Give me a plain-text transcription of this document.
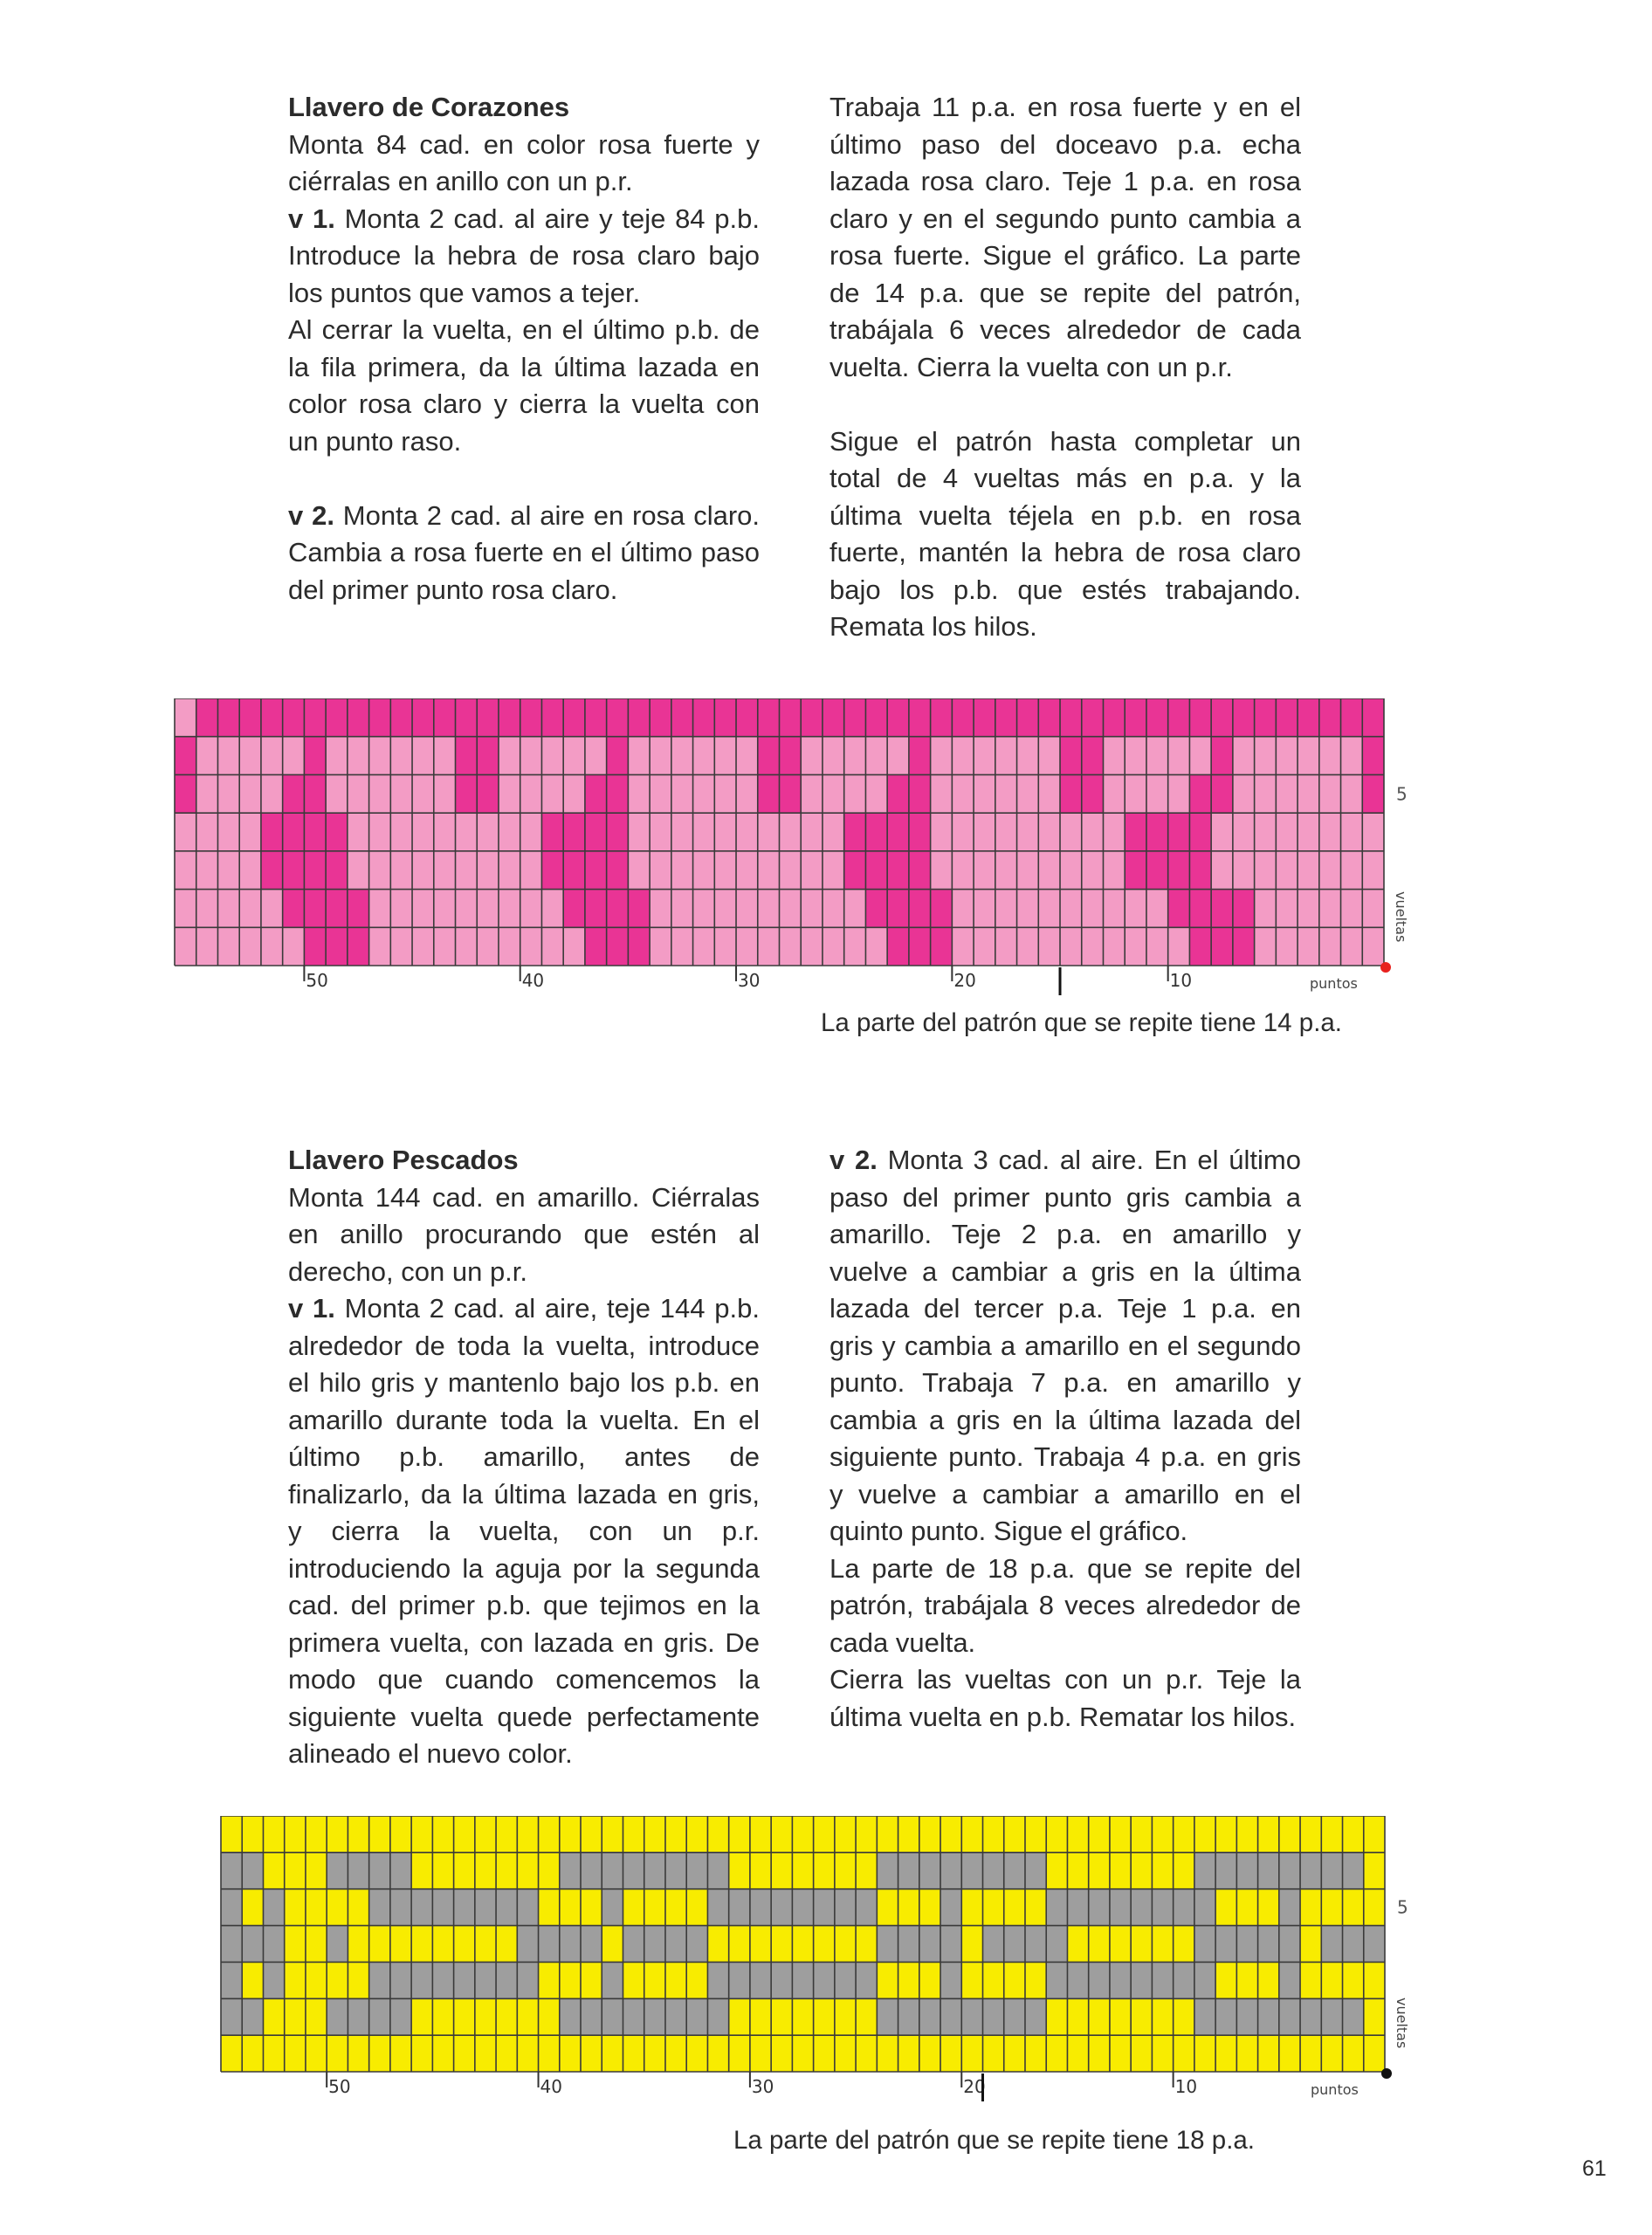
Llavero de Corazones

Monta 84 cad. en color rosa fuerte y ciérralas en anillo con un p.r.

v 1. Monta 2 cad. al aire y teje 84 p.b. Introduce la hebra de rosa claro bajo los puntos que vamos a tejer.

Al cerrar la vuelta, en el último p.b. de la fila primera, da la última lazada en color rosa claro y cierra la vuelta con un punto raso.

v 2. Monta 2 cad. al aire en rosa claro. Cambia a rosa fuerte en el último paso del primer punto rosa claro.

Trabaja 11 p.a. en rosa fuerte y en el último paso del doceavo p.a. echa lazada rosa claro. Teje 1 p.a. en rosa claro y en el segundo punto cambia a rosa fuerte. Sigue el gráfico. La parte de 14 p.a. que se repite del patrón, trabájala 6 veces alrededor de cada vuelta. Cierra la vuelta con un p.r.

Sigue el patrón hasta completar un total de 4 vueltas más en p.a. y la última vuelta téjela en p.b. en rosa fuerte, mantén la hebra de rosa claro bajo los p.b. que estés trabajando. Remata los hilos.

50	40	30	20	10	puntos
5
vueltas
La parte del patrón que se repite tiene 14 p.a.

Llavero Pescados

Monta 144 cad. en amarillo. Ciérralas en anillo procurando que estén al derecho, con un p.r.

v 1. Monta 2 cad. al aire, teje 144 p.b. alrededor de toda la vuelta, introduce el hilo gris y mantenlo bajo los p.b. en amarillo durante toda la vuelta. En el último p.b. amarillo, antes de finalizarlo, da la última lazada en gris, y cierra la vuelta, con un p.r. introduciendo la aguja por la segunda cad. del primer p.b. que tejimos en la primera vuelta, con lazada en gris. De modo que cuando comencemos la siguiente vuelta quede perfectamente alineado el nuevo color.

v 2. Monta 3 cad. al aire. En el último paso del primer punto gris cambia a amarillo. Teje 2 p.a. en amarillo y vuelve a cambiar a gris en la última lazada del tercer p.a. Teje 1 p.a. en gris y cambia a amarillo en el segundo punto. Trabaja 7 p.a. en amarillo y cambia a gris en la última lazada del siguiente punto. Trabaja 4 p.a. en gris y vuelve a cambiar a amarillo en el quinto punto. Sigue el gráfico.

La parte de 18 p.a. que se repite del patrón, trabájala 8 veces alrededor de cada vuelta.

Cierra las vueltas con un p.r. Teje la última vuelta en p.b. Rematar los hilos.

50	40	30	20	10	puntos
5
vueltas
La parte del patrón que se repite tiene 18 p.a.
61
